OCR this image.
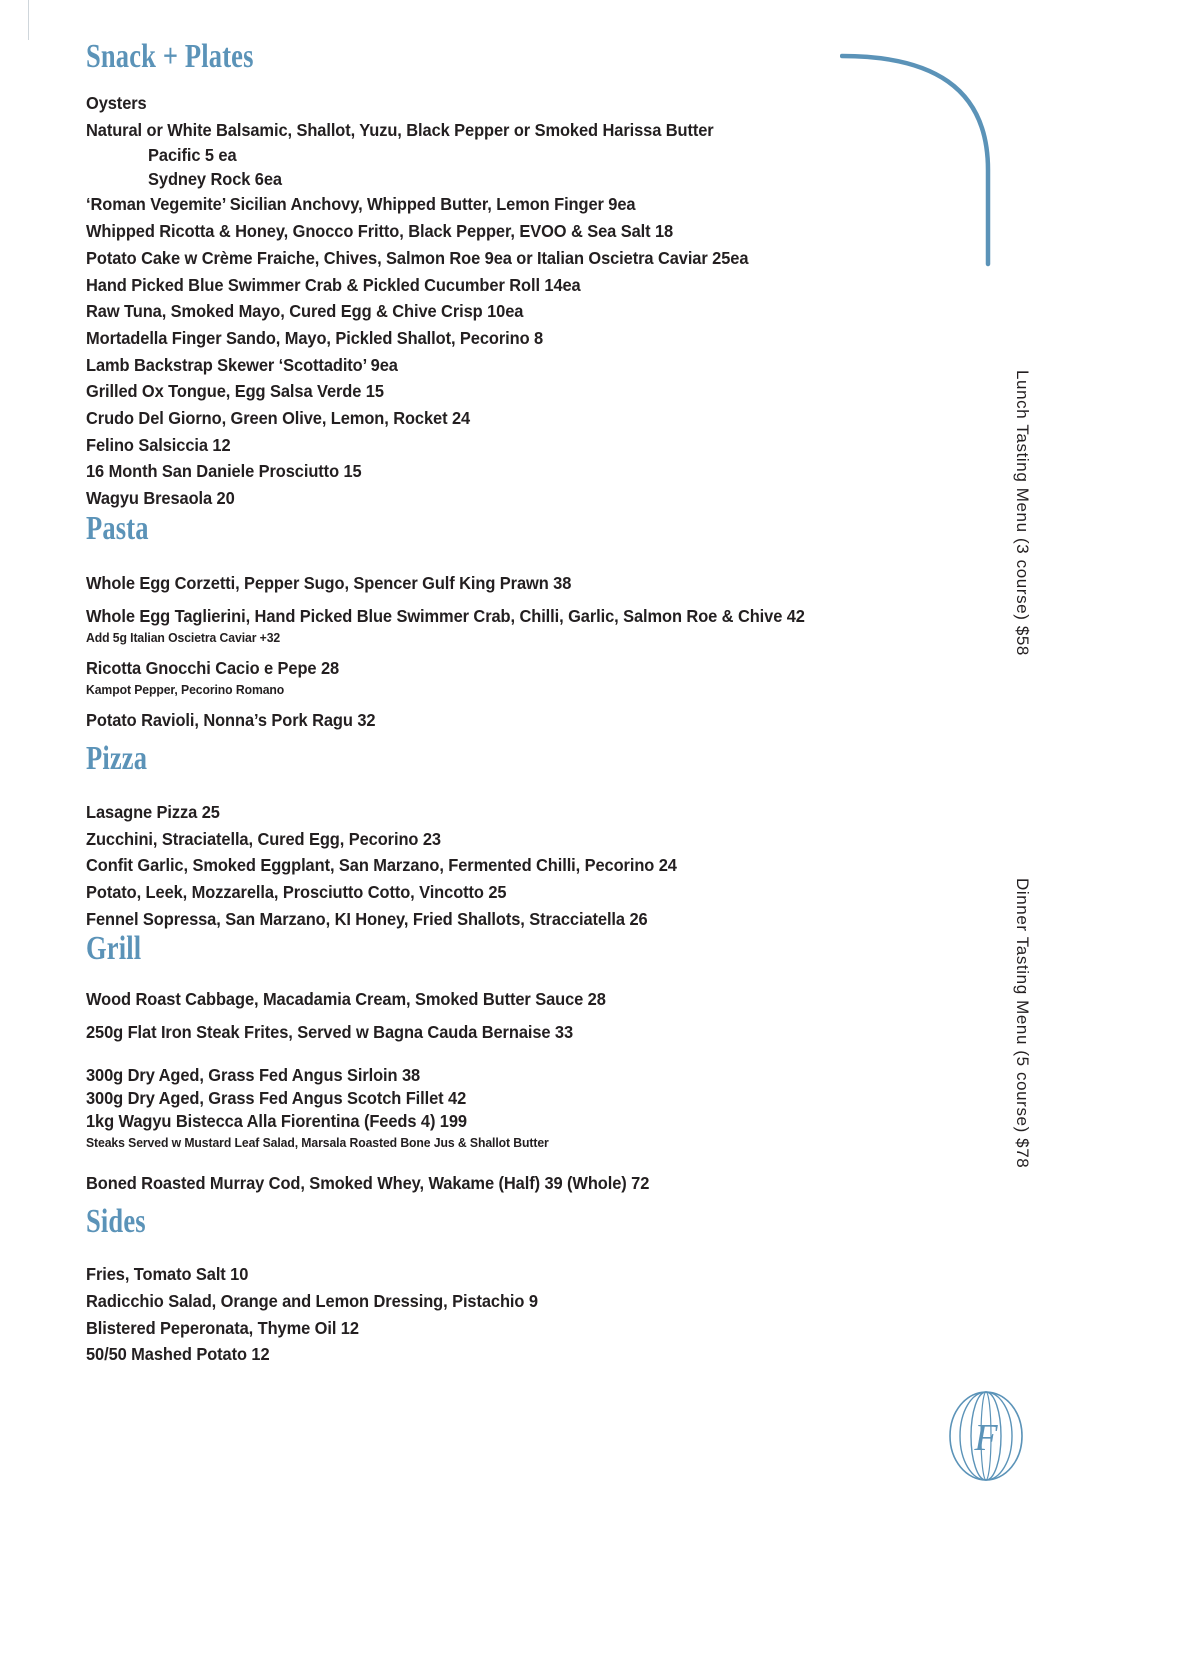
Snack + Plates
Oysters
Natural or White Balsamic, Shallot, Yuzu, Black Pepper or Smoked Harissa Butter
Pacific 5 ea
Sydney Rock 6ea
‘Roman Vegemite’ Sicilian Anchovy, Whipped Butter, Lemon Finger 9ea
Whipped Ricotta & Honey, Gnocco Fritto, Black Pepper, EVOO & Sea Salt 18
Potato Cake w Crème Fraiche, Chives, Salmon Roe 9ea or Italian Oscietra Caviar 25ea
Hand Picked Blue Swimmer Crab & Pickled Cucumber Roll 14ea
Raw Tuna, Smoked Mayo, Cured Egg & Chive Crisp 10ea
Mortadella Finger Sando, Mayo, Pickled Shallot, Pecorino 8
Lamb Backstrap Skewer ‘Scottadito’ 9ea
Grilled Ox Tongue, Egg Salsa Verde 15
Crudo Del Giorno, Green Olive, Lemon, Rocket 24
Felino Salsiccia 12
16 Month San Daniele Prosciutto 15
Wagyu Bresaola 20
Pasta
Whole Egg Corzetti, Pepper Sugo, Spencer Gulf King Prawn 38
Whole Egg Taglierini, Hand Picked Blue Swimmer Crab, Chilli, Garlic, Salmon Roe & Chive 42
Add 5g Italian Oscietra Caviar +32
Ricotta Gnocchi Cacio e Pepe 28
Kampot Pepper, Pecorino Romano
Potato Ravioli, Nonna’s Pork Ragu 32
Pizza
Lasagne Pizza 25
Zucchini, Straciatella, Cured Egg, Pecorino 23
Confit Garlic, Smoked Eggplant, San Marzano, Fermented Chilli, Pecorino 24
Potato, Leek, Mozzarella, Prosciutto Cotto, Vincotto 25
Fennel Sopressa, San Marzano, KI Honey, Fried Shallots, Stracciatella 26
Grill
Wood Roast Cabbage, Macadamia Cream, Smoked Butter Sauce 28
250g Flat Iron Steak Frites, Served w Bagna Cauda Bernaise 33
300g Dry Aged, Grass Fed Angus Sirloin 38
300g Dry Aged, Grass Fed Angus Scotch Fillet 42
1kg Wagyu Bistecca Alla Fiorentina (Feeds 4) 199
Steaks Served w Mustard Leaf Salad, Marsala Roasted Bone Jus & Shallot Butter
Boned Roasted Murray Cod, Smoked Whey, Wakame (Half) 39 (Whole) 72
Sides
Fries, Tomato Salt 10
Radicchio Salad, Orange and Lemon Dressing, Pistachio 9
Blistered Peperonata, Thyme Oil 12
50/50 Mashed Potato 12
Lunch Tasting Menu (3 course) $58
Dinner Tasting Menu (5 course) $78
F
